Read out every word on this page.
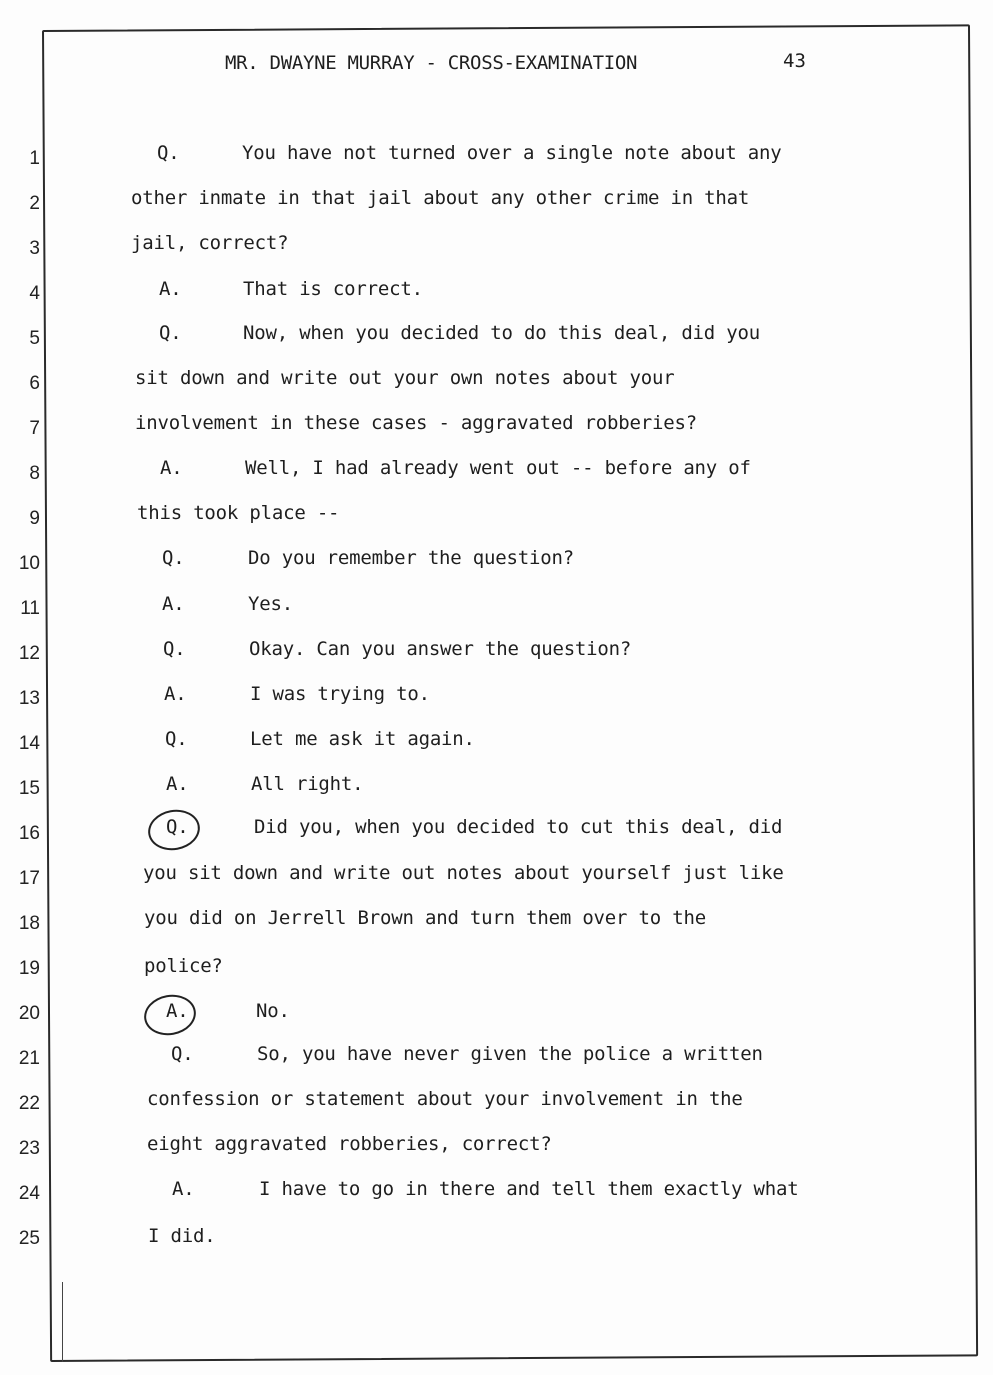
MR. DWAYNE MURRAY - CROSS-EXAMINATION	43
1	Q.	You have not turned over a single note about any
2	other inmate in that jail about any other crime in that
3	jail, correct?
4	A.	That is correct.
5	Q.	Now, when you decided to do this deal, did you
6	sit down and write out your own notes about your
7	involvement in these cases - aggravated robberies?
8	A.	Well, I had already went out -- before any of
9	this took place --
10	Q.	Do you remember the question?
11	A.	Yes.
12	Q.	Okay. Can you answer the question?
13	A.	I was trying to.
14	Q.	Let me ask it again.
15	A.	All right.
16	Q.	Did you, when you decided to cut this deal, did
17	you sit down and write out notes about yourself just like
18	you did on Jerrell Brown and turn them over to the
19	police?
20	A.	No.
21	Q.	So, you have never given the police a written
22	confession or statement about your involvement in the
23	eight aggravated robberies, correct?
24	A.	I have to go in there and tell them exactly what
25	I did.
